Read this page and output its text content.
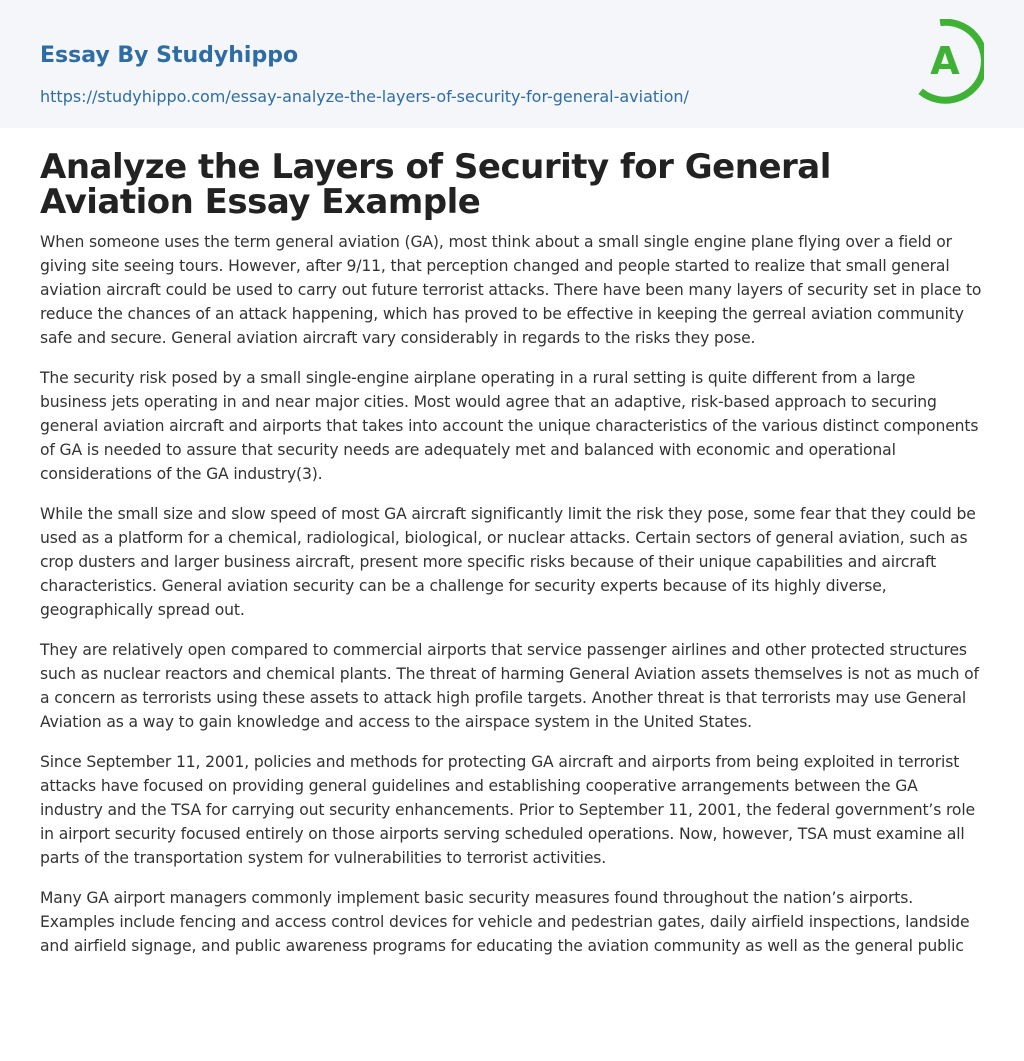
Essay By Studyhippo

https://studyhippo.com/essay-analyze-the-layers-of-security-for-general-aviation/
A
Analyze the Layers of Security for General Aviation Essay Example

When someone uses the term general aviation (GA), most think about a small single engine plane flying over a field or giving site seeing tours. However, after 9/11, that perception changed and people started to realize that small general aviation aircraft could be used to carry out future terrorist attacks. There have been many layers of security set in place to reduce the chances of an attack happening, which has proved to be effective in keeping the gerreal aviation community safe and secure. General aviation aircraft vary considerably in regards to the risks they pose.

The security risk posed by a small single-engine airplane operating in a rural setting is quite different from a large business jets operating in and near major cities. Most would agree that an adaptive, risk-based approach to securing general aviation aircraft and airports that takes into account the unique characteristics of the various distinct components of GA is needed to assure that security needs are adequately met and balanced with economic and operational considerations of the GA industry(3).

While the small size and slow speed of most GA aircraft significantly limit the risk they pose, some fear that they could be used as a platform for a chemical, radiological, biological, or nuclear attacks. Certain sectors of general aviation, such as crop dusters and larger business aircraft, present more specific risks because of their unique capabilities and aircraft characteristics. General aviation security can be a challenge for security experts because of its highly diverse, geographically spread out.

They are relatively open compared to commercial airports that service passenger airlines and other protected structures such as nuclear reactors and chemical plants. The threat of harming General Aviation assets themselves is not as much of a concern as terrorists using these assets to attack high profile targets. Another threat is that terrorists may use General Aviation as a way to gain knowledge and access to the airspace system in the United States.

Since September 11, 2001, policies and methods for protecting GA aircraft and airports from being exploited in terrorist attacks have focused on providing general guidelines and establishing cooperative arrangements between the GA industry and the TSA for carrying out security enhancements. Prior to September 11, 2001, the federal government’s role in airport security focused entirely on those airports serving scheduled operations. Now, however, TSA must examine all parts of the transportation system for vulnerabilities to terrorist activities.

Many GA airport managers commonly implement basic security measures found throughout the nation’s airports. Examples include fencing and access control devices for vehicle and pedestrian gates, daily airfield inspections, landside and airfield signage, and public awareness programs for educating the aviation community as well as the general public
